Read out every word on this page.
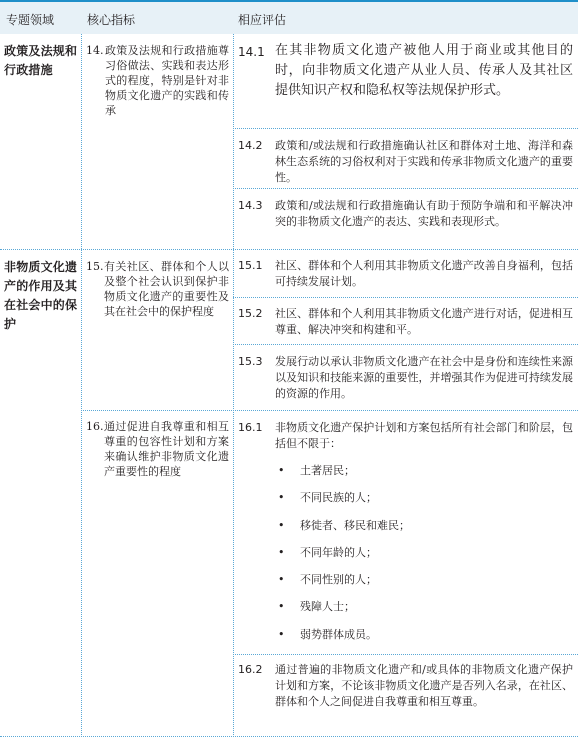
专题领域	核心指标	相应评估
政策及法规和行政措施
14. 政策及法规和行政措施尊习俗做法、实践和表达形式的程度，特别是针对非物质文化遗产的实践和传承
14.1 在其非物质文化遗产被他人用于商业或其他目的时，向非物质文化遗产从业人员、传承人及其社区提供知识产权和隐私权等法规保护形式。
14.2 政策和/或法规和行政措施确认社区和群体对土地、海洋和森林生态系统的习俗权利对于实践和传承非物质文化遗产的重要性。
14.3 政策和/或法规和行政措施确认有助于预防争端和和平解决冲突的非物质文化遗产的表达、实践和表现形式。
非物质文化遗产的作用及其在社会中的保护
15. 有关社区、群体和个人以及整个社会认识到保护非物质文化遗产的重要性及其在社会中的保护程度
15.1 社区、群体和个人利用其非物质文化遗产改善自身福利，包括可持续发展计划。
15.2 社区、群体和个人利用其非物质文化遗产进行对话，促进相互尊重、解决冲突和构建和平。
15.3 发展行动以承认非物质文化遗产在社会中是身份和连续性来源以及知识和技能来源的重要性，并增强其作为促进可持续发展的资源的作用。
16. 通过促进自我尊重和相互尊重的包容性计划和方案来确认维护非物质文化遗产重要性的程度
16.1 非物质文化遗产保护计划和方案包括所有社会部门和阶层，包括但不限于：
• 土著居民；
• 不同民族的人；
• 移徙者、移民和难民；
• 不同年龄的人；
• 不同性别的人；
• 残障人士；
• 弱势群体成员。
16.2 通过普遍的非物质文化遗产和/或具体的非物质文化遗产保护计划和方案，不论该非物质文化遗产是否列入名录，在社区、群体和个人之间促进自我尊重和相互尊重。
